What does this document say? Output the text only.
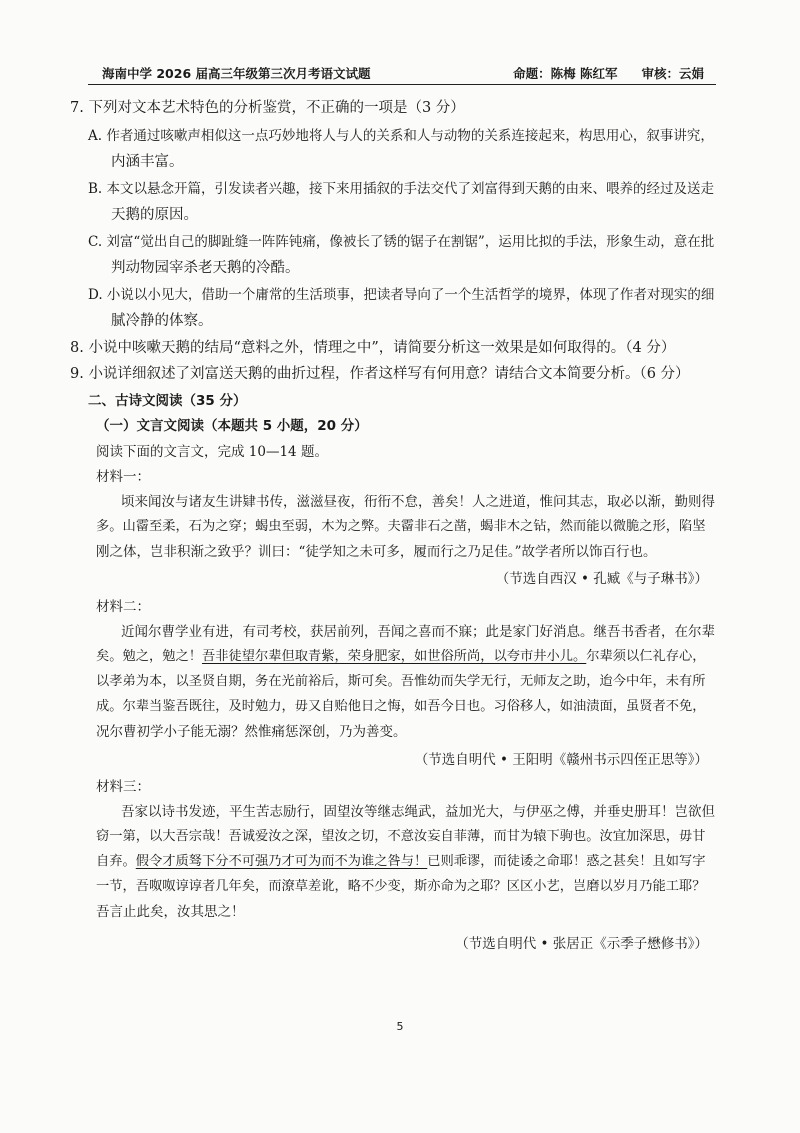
海南中学 2026 届高三年级第三次月考语文试题	命题：陈梅 陈红军 审核：云娟
7. 下列对文本艺术特色的分析鉴赏，不正确的一项是（3 分）
A. 作者通过咳嗽声相似这一点巧妙地将人与人的关系和人与动物的关系连接起来，构思用心，叙事讲究，
内涵丰富。
B. 本文以悬念开篇，引发读者兴趣，接下来用插叙的手法交代了刘富得到天鹅的由来、喂养的经过及送走
天鹅的原因。
C. 刘富“觉出自己的脚趾缝一阵阵钝痛，像被长了锈的锯子在割锯”，运用比拟的手法，形象生动，意在批
判动物园宰杀老天鹅的冷酷。
D. 小说以小见大，借助一个庸常的生活琐事，把读者导向了一个生活哲学的境界，体现了作者对现实的细
腻冷静的体察。
8. 小说中咳嗽天鹅的结局“意料之外，情理之中”，请简要分析这一效果是如何取得的。（4 分）
9. 小说详细叙述了刘富送天鹅的曲折过程，作者这样写有何用意？请结合文本简要分析。（6 分）
二、古诗文阅读（35 分）
（一）文言文阅读（本题共 5 小题，20 分）
阅读下面的文言文，完成 10—14 题。
材料一：
顷来闻汝与诸友生讲肄书传，滋滋昼夜，衎衎不怠，善矣！人之进道，惟问其志，取必以渐，勤则得
多。山霤至柔，石为之穿；蝎虫至弱，木为之弊。夫霤非石之凿，蝎非木之钻，然而能以微脆之形，陷坚
刚之体，岂非积渐之致乎？训曰：“徒学知之未可多，履而行之乃足佳。”故学者所以饰百行也。
（节选自西汉 • 孔臧《与子琳书》）
材料二：
近闻尔曹学业有进，有司考校，获居前列，吾闻之喜而不寐；此是家门好消息。继吾书香者，在尔辈
矣。勉之，勉之！吾非徒望尔辈但取青紫，荣身肥家，如世俗所尚，以夸市井小儿。尔辈须以仁礼存心，
以孝弟为本，以圣贤自期，务在光前裕后，斯可矣。吾惟幼而失学无行，无师友之助，迨今中年，未有所
成。尔辈当鉴吾既往，及时勉力，毋又自贻他日之悔，如吾今日也。习俗移人，如油渍面，虽贤者不免，
况尔曹初学小子能无溺？然惟痛惩深创，乃为善变。
（节选自明代 • 王阳明《赣州书示四侄正思等》）
材料三：
吾家以诗书发迹，平生苦志励行，固望汝等继志绳武，益加光大，与伊巫之傅，并垂史册耳！岂欲但
窃一第，以大吾宗哉！吾诚爱汝之深，望汝之切，不意汝妄自菲薄，而甘为辕下驹也。汝宜加深思，毋甘
自弃。假令才质驽下分不可强乃才可为而不为谁之咎与！已则乖谬，而徒诿之命耶！惑之甚矣！且如写字
一节，吾呶呶谆谆者几年矣，而潦草差讹，略不少变，斯亦命为之耶？区区小艺，岂磨以岁月乃能工耶？
吾言止此矣，汝其思之！
（节选自明代 • 张居正《示季子懋修书》）
5
